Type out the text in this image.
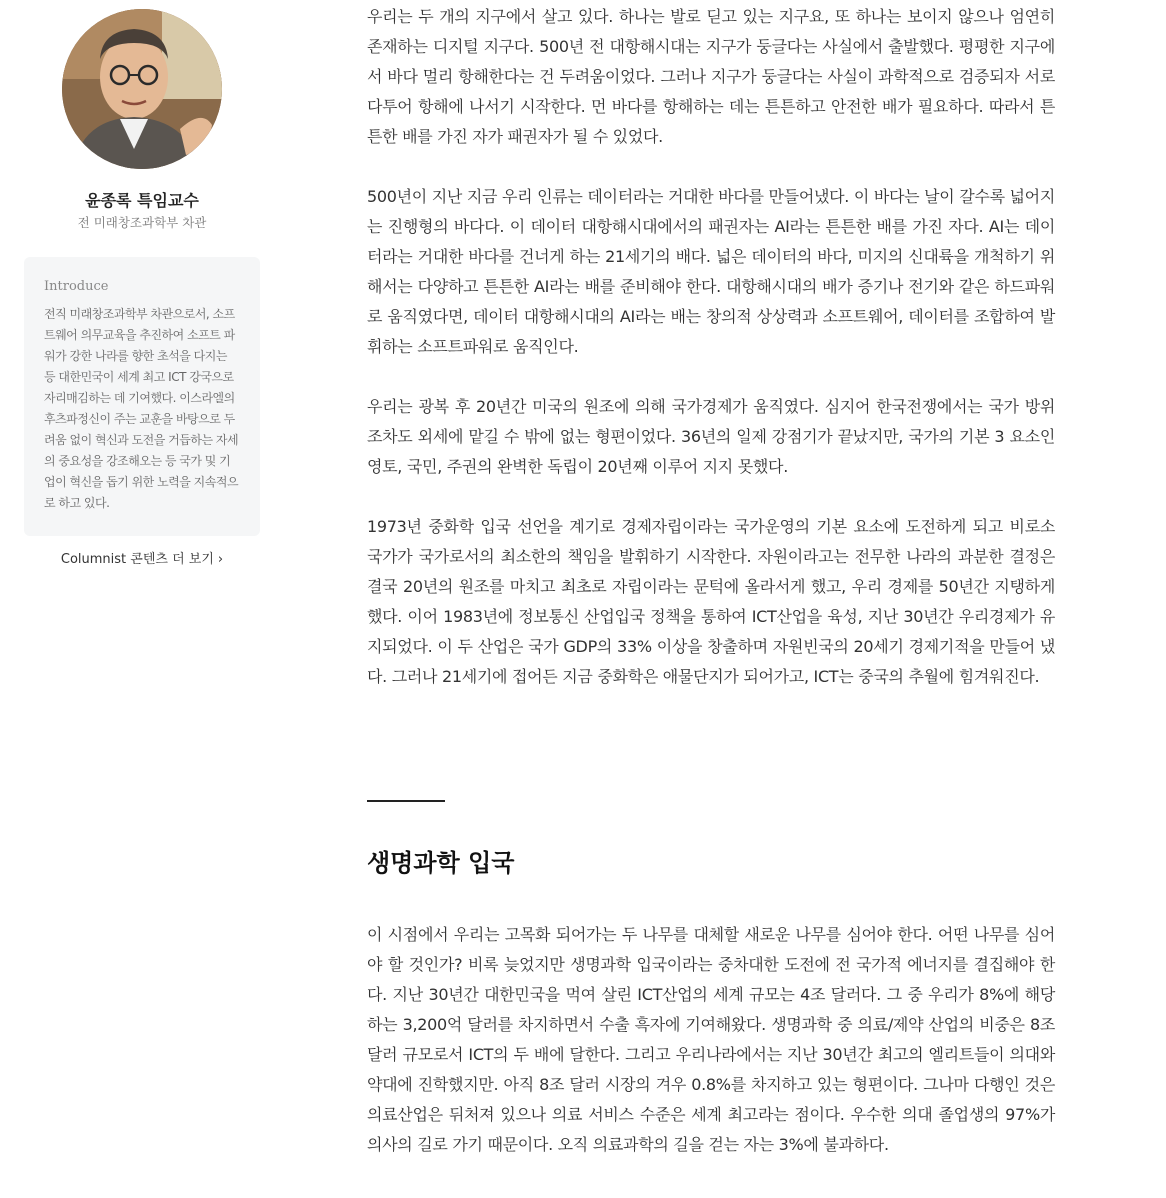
윤종록 특임교수
전 미래창조과학부 차관

Introduce

전직 미래창조과학부 차관으로서, 소프트웨어 의무교육을 추진하여 소프트 파워가 강한 나라를 향한 초석을 다지는 등 대한민국이 세계 최고 ICT 강국으로 자리매김하는 데 기여했다. 이스라엘의 후츠파정신이 주는 교훈을 바탕으로 두려움 없이 혁신과 도전을 거듭하는 자세의 중요성을 강조해오는 등 국가 및 기업이 혁신을 돕기 위한 노력을 지속적으로 하고 있다.

Columnist 콘텐츠 더 보기 ›

우리는 두 개의 지구에서 살고 있다. 하나는 발로 딛고 있는 지구요, 또 하나는 보이지 않으나 엄연히 존재하는 디지털 지구다. 500년 전 대항해시대는 지구가 둥글다는 사실에서 출발했다. 평평한 지구에서 바다 멀리 항해한다는 건 두려움이었다. 그러나 지구가 둥글다는 사실이 과학적으로 검증되자 서로 다투어 항해에 나서기 시작한다. 먼 바다를 항해하는 데는 튼튼하고 안전한 배가 필요하다. 따라서 튼튼한 배를 가진 자가 패권자가 될 수 있었다.

500년이 지난 지금 우리 인류는 데이터라는 거대한 바다를 만들어냈다. 이 바다는 날이 갈수록 넓어지는 진행형의 바다다. 이 데이터 대항해시대에서의 패권자는 AI라는 튼튼한 배를 가진 자다. AI는 데이터라는 거대한 바다를 건너게 하는 21세기의 배다. 넓은 데이터의 바다, 미지의 신대륙을 개척하기 위해서는 다양하고 튼튼한 AI라는 배를 준비해야 한다. 대항해시대의 배가 증기나 전기와 같은 하드파워로 움직였다면, 데이터 대항해시대의 AI라는 배는 창의적 상상력과 소프트웨어, 데이터를 조합하여 발휘하는 소프트파워로 움직인다.

우리는 광복 후 20년간 미국의 원조에 의해 국가경제가 움직였다. 심지어 한국전쟁에서는 국가 방위 조차도 외세에 맡길 수 밖에 없는 형편이었다. 36년의 일제 강점기가 끝났지만, 국가의 기본 3 요소인 영토, 국민, 주권의 완벽한 독립이 20년째 이루어 지지 못했다.

1973년 중화학 입국 선언을 계기로 경제자립이라는 국가운영의 기본 요소에 도전하게 되고 비로소 국가가 국가로서의 최소한의 책임을 발휘하기 시작한다. 자원이라고는 전무한 나라의 과분한 결정은 결국 20년의 원조를 마치고 최초로 자립이라는 문턱에 올라서게 했고, 우리 경제를 50년간 지탱하게 했다. 이어 1983년에 정보통신 산업입국 정책을 통하여 ICT산업을 육성, 지난 30년간 우리경제가 유지되었다. 이 두 산업은 국가 GDP의 33% 이상을 창출하며 자원빈국의 20세기 경제기적을 만들어 냈다. 그러나 21세기에 접어든 지금 중화학은 애물단지가 되어가고, ICT는 중국의 추월에 힘겨워진다.

생명과학 입국

이 시점에서 우리는 고목화 되어가는 두 나무를 대체할 새로운 나무를 심어야 한다. 어떤 나무를 심어야 할 것인가? 비록 늦었지만 생명과학 입국이라는 중차대한 도전에 전 국가적 에너지를 결집해야 한다. 지난 30년간 대한민국을 먹여 살린 ICT산업의 세계 규모는 4조 달러다. 그 중 우리가 8%에 해당하는 3,200억 달러를 차지하면서 수출 흑자에 기여해왔다. 생명과학 중 의료/제약 산업의 비중은 8조 달러 규모로서 ICT의 두 배에 달한다. 그리고 우리나라에서는 지난 30년간 최고의 엘리트들이 의대와 약대에 진학했지만. 아직 8조 달러 시장의 겨우 0.8%를 차지하고 있는 형편이다. 그나마 다행인 것은 의료산업은 뒤처져 있으나 의료 서비스 수준은 세계 최고라는 점이다. 우수한 의대 졸업생의 97%가 의사의 길로 가기 때문이다. 오직 의료과학의 길을 걷는 자는 3%에 불과하다.
